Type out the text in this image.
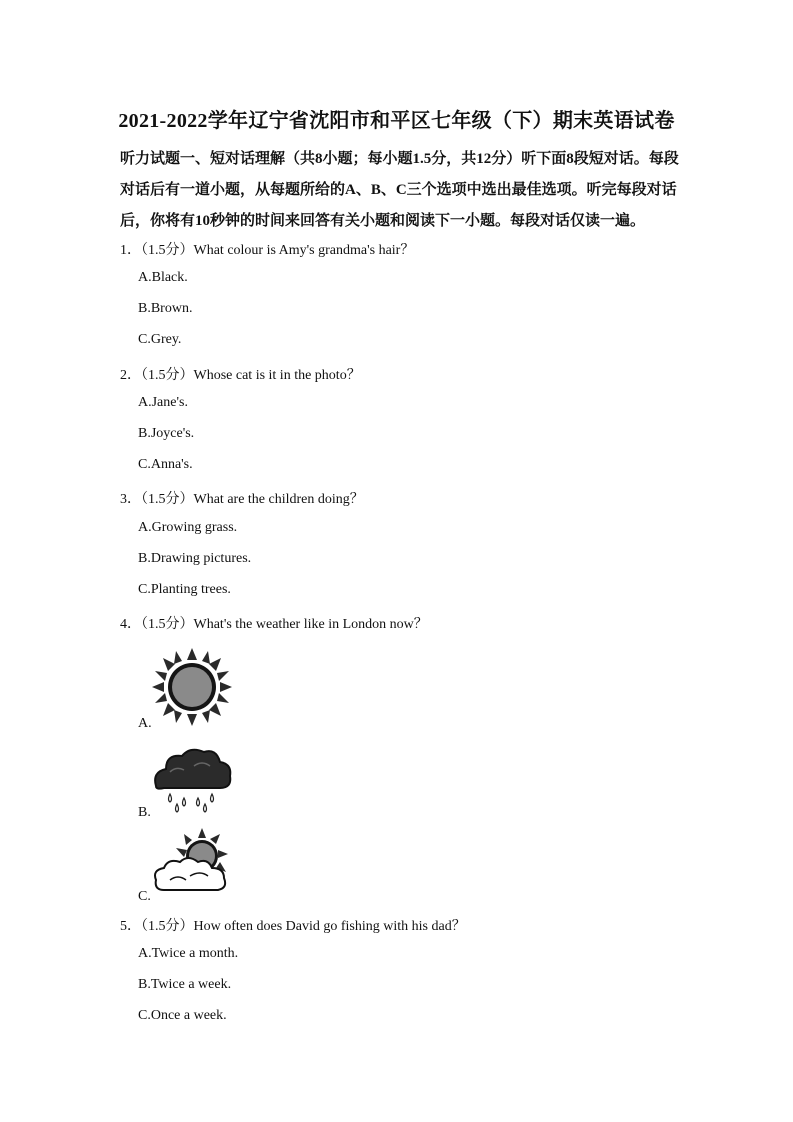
2021-2022学年辽宁省沈阳市和平区七年级（下）期末英语试卷

听力试题一、短对话理解（共8小题；每小题1.5分，共12分）听下面8段短对话。每段对话后有一道小题，从每题所给的A、B、C三个选项中选出最佳选项。听完每段对话后，你将有10秒钟的时间来回答有关小题和阅读下一小题。每段对话仅读一遍。

1．（1.5分）What colour is Amy's grandma's hair？
A.Black.
B.Brown.
C.Grey.
2．（1.5分）Whose cat is it in the photo？
A.Jane's.
B.Joyce's.
C.Anna's.
3．（1.5分）What are the children doing？
A.Growing grass.
B.Drawing pictures.
C.Planting trees.
4．（1.5分）What's the weather like in London now？
A.
B.
C.
5．（1.5分）How often does David go fishing with his dad？
A.Twice a month.
B.Twice a week.
C.Once a week.
